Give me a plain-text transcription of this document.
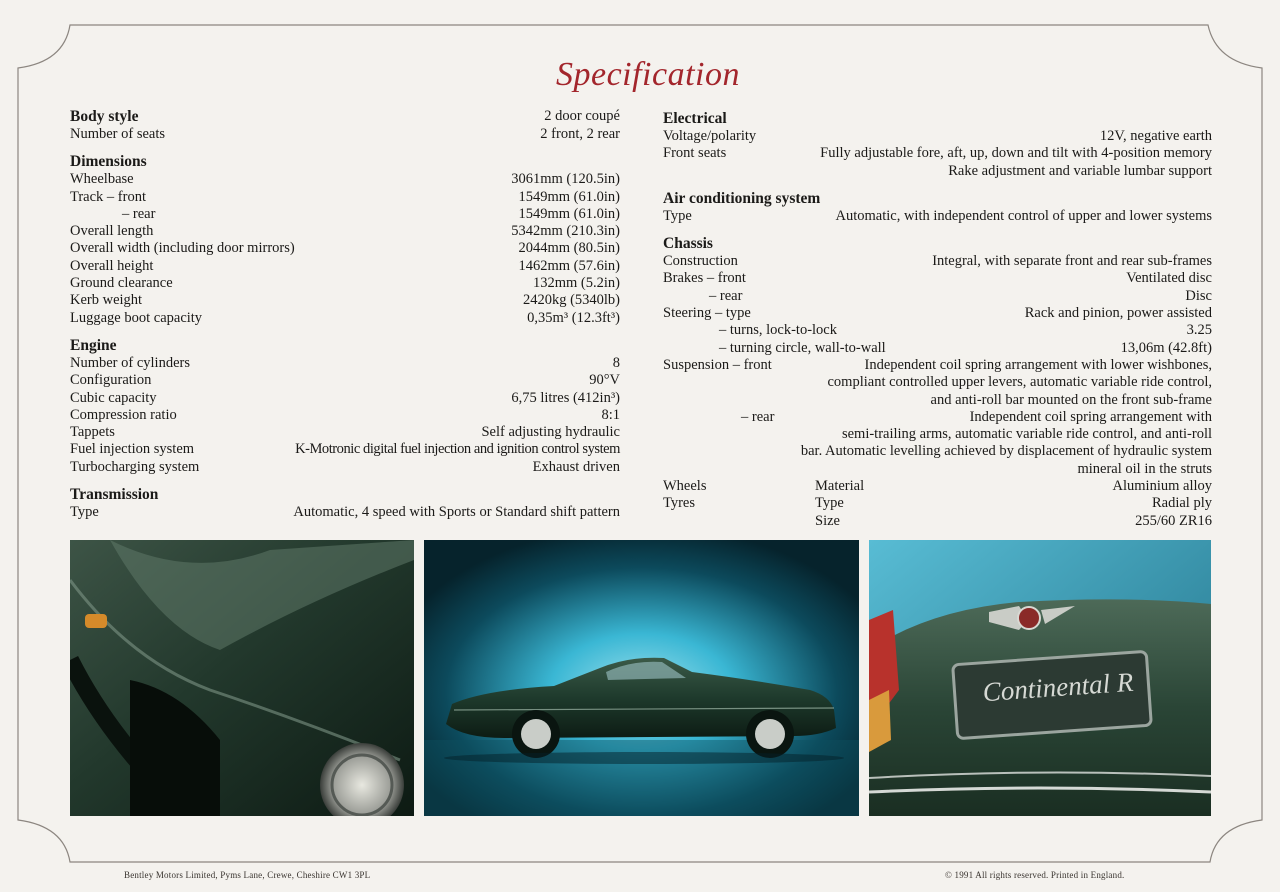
Specification
Body style	2 door coupé
Number of seats	2 front, 2 rear
Dimensions
Wheelbase	3061mm (120.5in)
Track – front	1549mm (61.0in)
– rear	1549mm (61.0in)
Overall length	5342mm (210.3in)
Overall width (including door mirrors)	2044mm (80.5in)
Overall height	1462mm (57.6in)
Ground clearance	132mm (5.2in)
Kerb weight	2420kg (5340lb)
Luggage boot capacity	0,35m³ (12.3ft³)
Engine
Number of cylinders	8
Configuration	90°V
Cubic capacity	6,75 litres (412in³)
Compression ratio	8:1
Tappets	Self adjusting hydraulic
Fuel injection system	K-Motronic digital fuel injection and ignition control system
Turbocharging system	Exhaust driven
Transmission
Type	Automatic, 4 speed with Sports or Standard shift pattern
Electrical
Voltage/polarity	12V, negative earth
Front seats	Fully adjustable fore, aft, up, down and tilt with 4-position memory
Rake adjustment and variable lumbar support
Air conditioning system
Type	Automatic, with independent control of upper and lower systems
Chassis
Construction	Integral, with separate front and rear sub-frames
Brakes – front	Ventilated disc
– rear	Disc
Steering – type	Rack and pinion, power assisted
– turns, lock-to-lock	3.25
– turning circle, wall-to-wall	13,06m (42.8ft)
Suspension – front	Independent coil spring arrangement with lower wishbones,
compliant controlled upper levers, automatic variable ride control,
and anti-roll bar mounted on the front sub-frame
– rear	Independent coil spring arrangement with
semi-trailing arms, automatic variable ride control, and anti-roll
bar. Automatic levelling achieved by displacement of hydraulic system
mineral oil in the struts
Wheels	Material	Aluminium alloy
Tyres	Type	Radial ply
Size	255/60 ZR16
Continental R
Bentley Motors Limited, Pyms Lane, Crewe, Cheshire CW1 3PL	© 1991 All rights reserved. Printed in England.
